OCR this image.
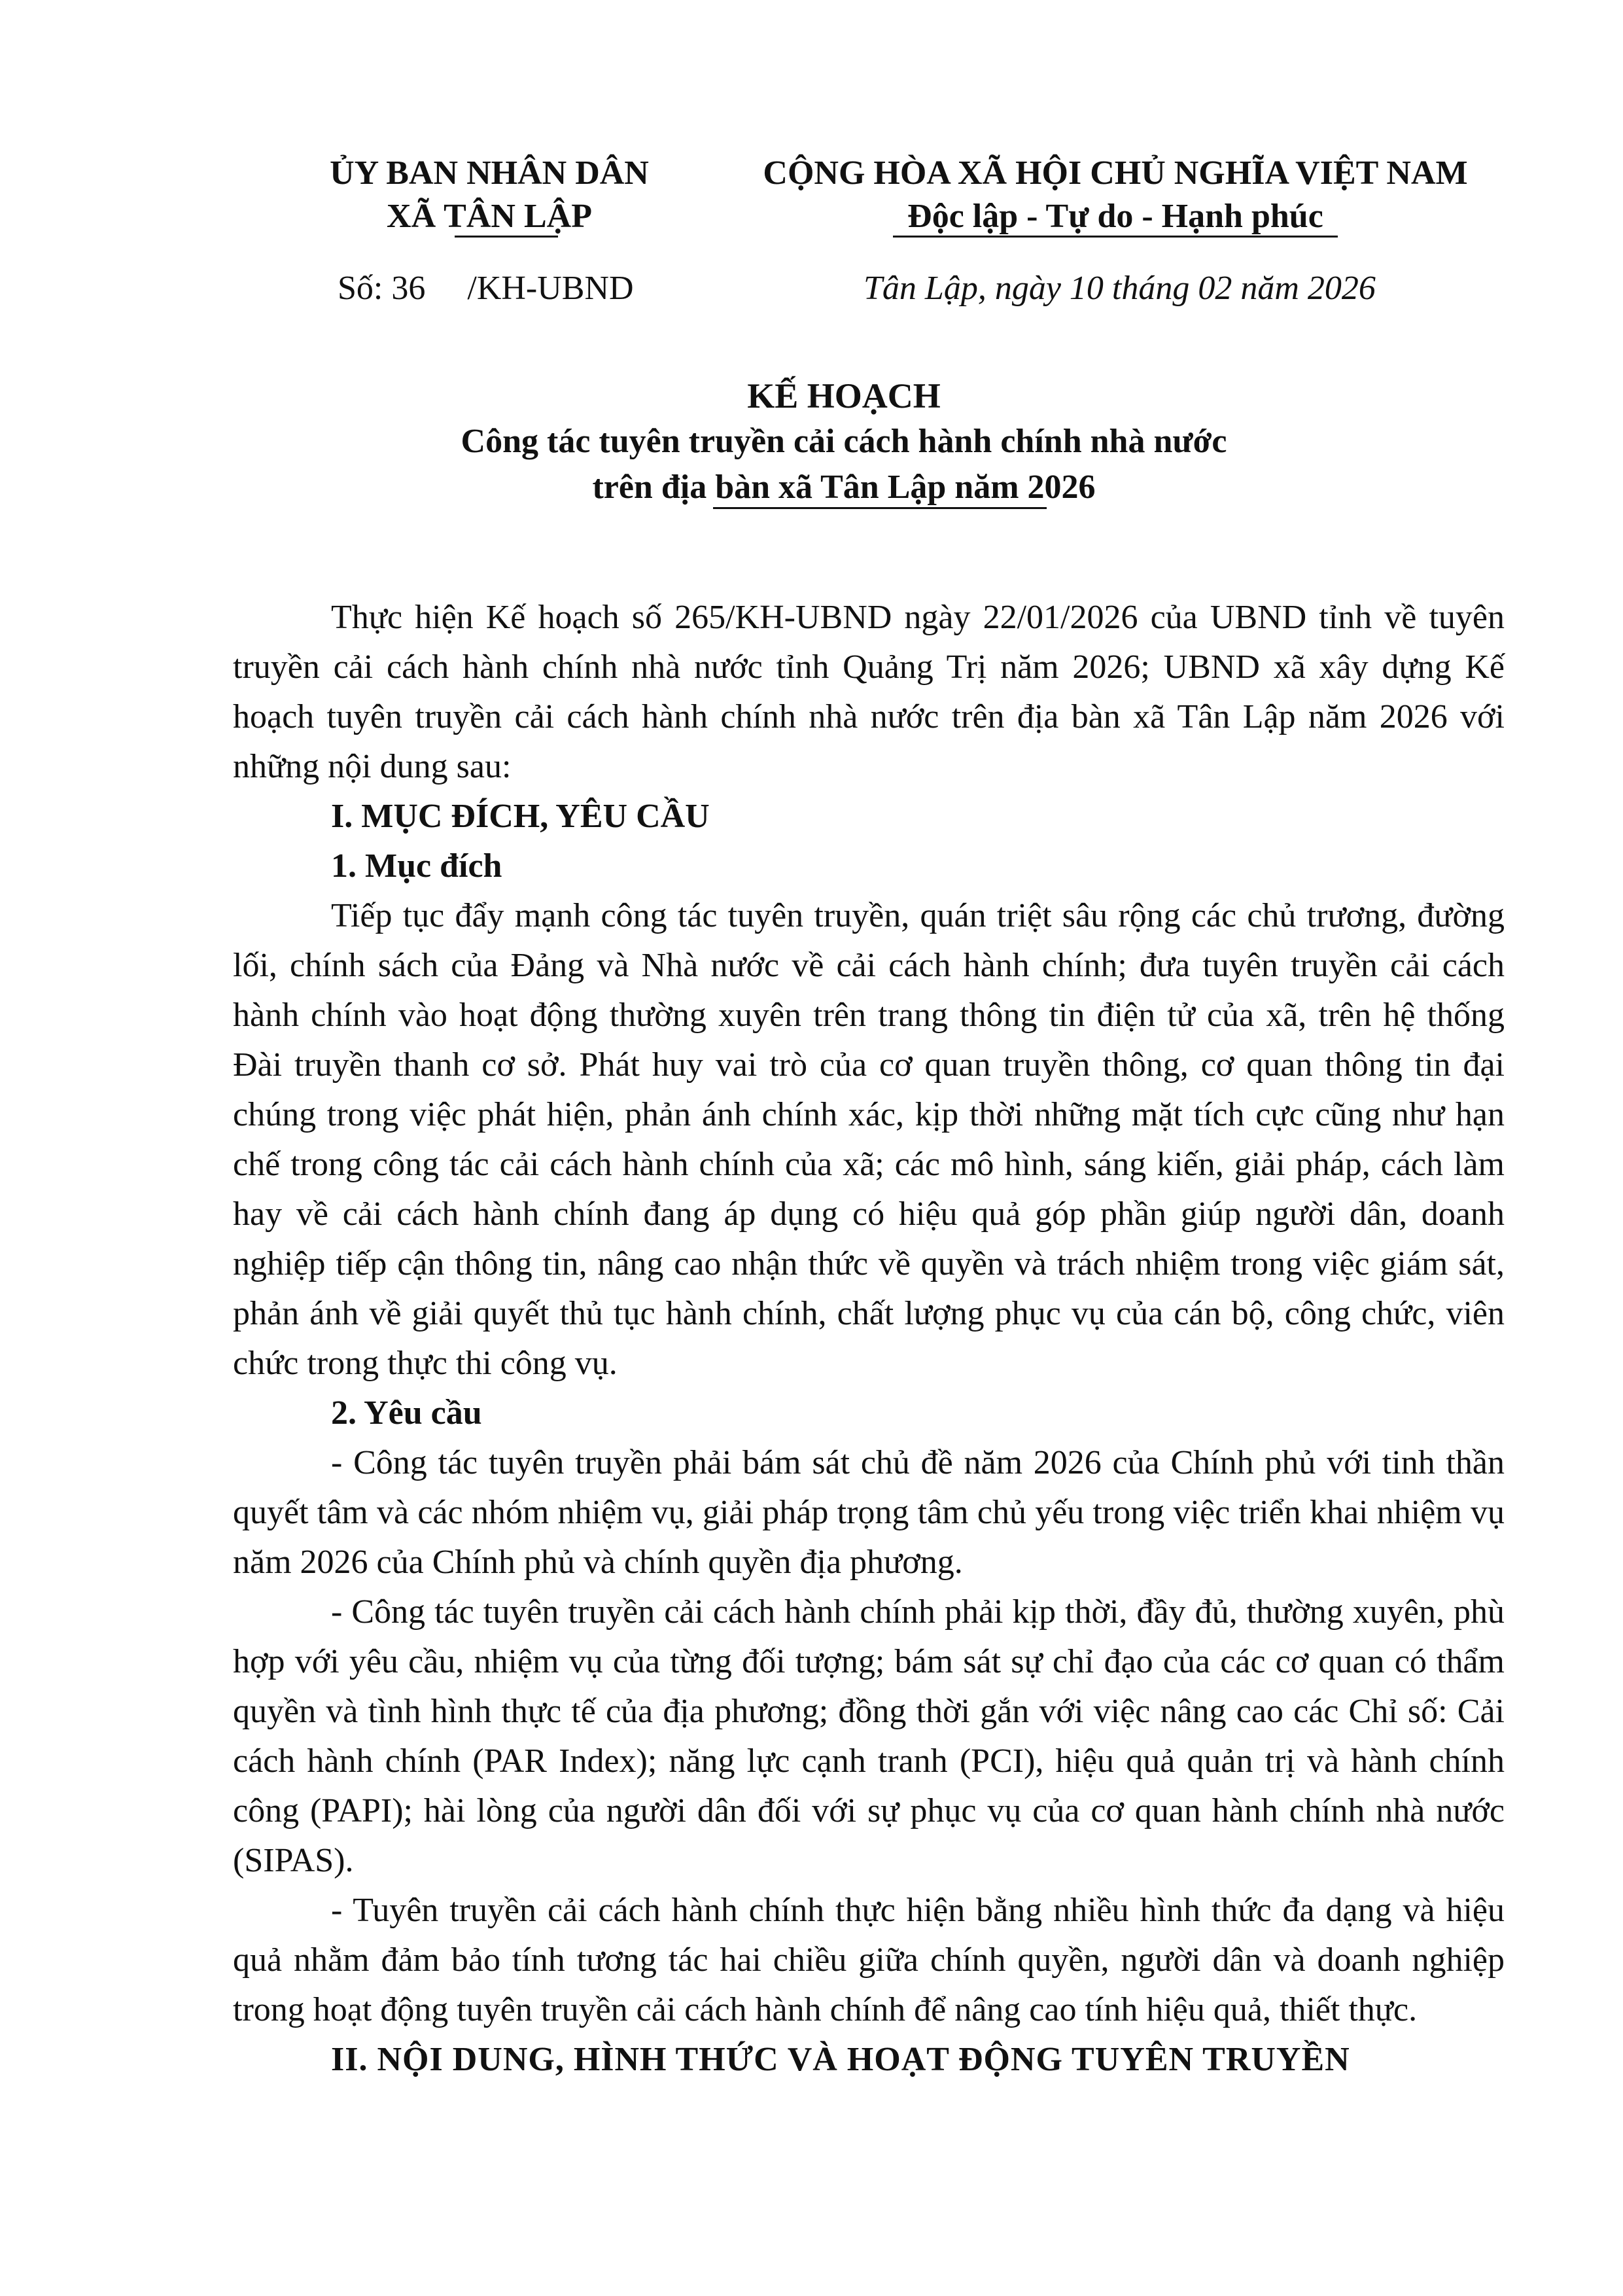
ỦY BAN NHÂN DÂN
XÃ TÂN LẬP
CỘNG HÒA XÃ HỘI CHỦ NGHĨA VIỆT NAM
Độc lập - Tự do - Hạnh phúc
Số: 36 /KH-UBND	Tân Lập, ngày 10 tháng 02 năm 2026
KẾ HOẠCH
Công tác tuyên truyền cải cách hành chính nhà nước
trên địa bàn xã Tân Lập năm 2026

Thực hiện Kế hoạch số 265/KH-UBND ngày 22/01/2026 của UBND tỉnh về tuyên truyền cải cách hành chính nhà nước tỉnh Quảng Trị năm 2026; UBND xã xây dựng Kế hoạch tuyên truyền cải cách hành chính nhà nước trên địa bàn xã Tân Lập năm 2026 với những nội dung sau:

I. MỤC ĐÍCH, YÊU CẦU
1. Mục đích

Tiếp tục đẩy mạnh công tác tuyên truyền, quán triệt sâu rộng các chủ trương, đường lối, chính sách của Đảng và Nhà nước về cải cách hành chính; đưa tuyên truyền cải cách hành chính vào hoạt động thường xuyên trên trang thông tin điện tử của xã, trên hệ thống Đài truyền thanh cơ sở. Phát huy vai trò của cơ quan truyền thông, cơ quan thông tin đại chúng trong việc phát hiện, phản ánh chính xác, kịp thời những mặt tích cực cũng như hạn chế trong công tác cải cách hành chính của xã; các mô hình, sáng kiến, giải pháp, cách làm hay về cải cách hành chính đang áp dụng có hiệu quả góp phần giúp người dân, doanh nghiệp tiếp cận thông tin, nâng cao nhận thức về quyền và trách nhiệm trong việc giám sát, phản ánh về giải quyết thủ tục hành chính, chất lượng phục vụ của cán bộ, công chức, viên chức trong thực thi công vụ.

2. Yêu cầu

- Công tác tuyên truyền phải bám sát chủ đề năm 2026 của Chính phủ với tinh thần quyết tâm và các nhóm nhiệm vụ, giải pháp trọng tâm chủ yếu trong việc triển khai nhiệm vụ năm 2026 của Chính phủ và chính quyền địa phương.

- Công tác tuyên truyền cải cách hành chính phải kịp thời, đầy đủ, thường xuyên, phù hợp với yêu cầu, nhiệm vụ của từng đối tượng; bám sát sự chỉ đạo của các cơ quan có thẩm quyền và tình hình thực tế của địa phương; đồng thời gắn với việc nâng cao các Chỉ số: Cải cách hành chính (PAR Index); năng lực cạnh tranh (PCI), hiệu quả quản trị và hành chính công (PAPI); hài lòng của người dân đối với sự phục vụ của cơ quan hành chính nhà nước (SIPAS).

- Tuyên truyền cải cách hành chính thực hiện bằng nhiều hình thức đa dạng và hiệu quả nhằm đảm bảo tính tương tác hai chiều giữa chính quyền, người dân và doanh nghiệp trong hoạt động tuyên truyền cải cách hành chính để nâng cao tính hiệu quả, thiết thực.

II. NỘI DUNG, HÌNH THỨC VÀ HOẠT ĐỘNG TUYÊN TRUYỀN
